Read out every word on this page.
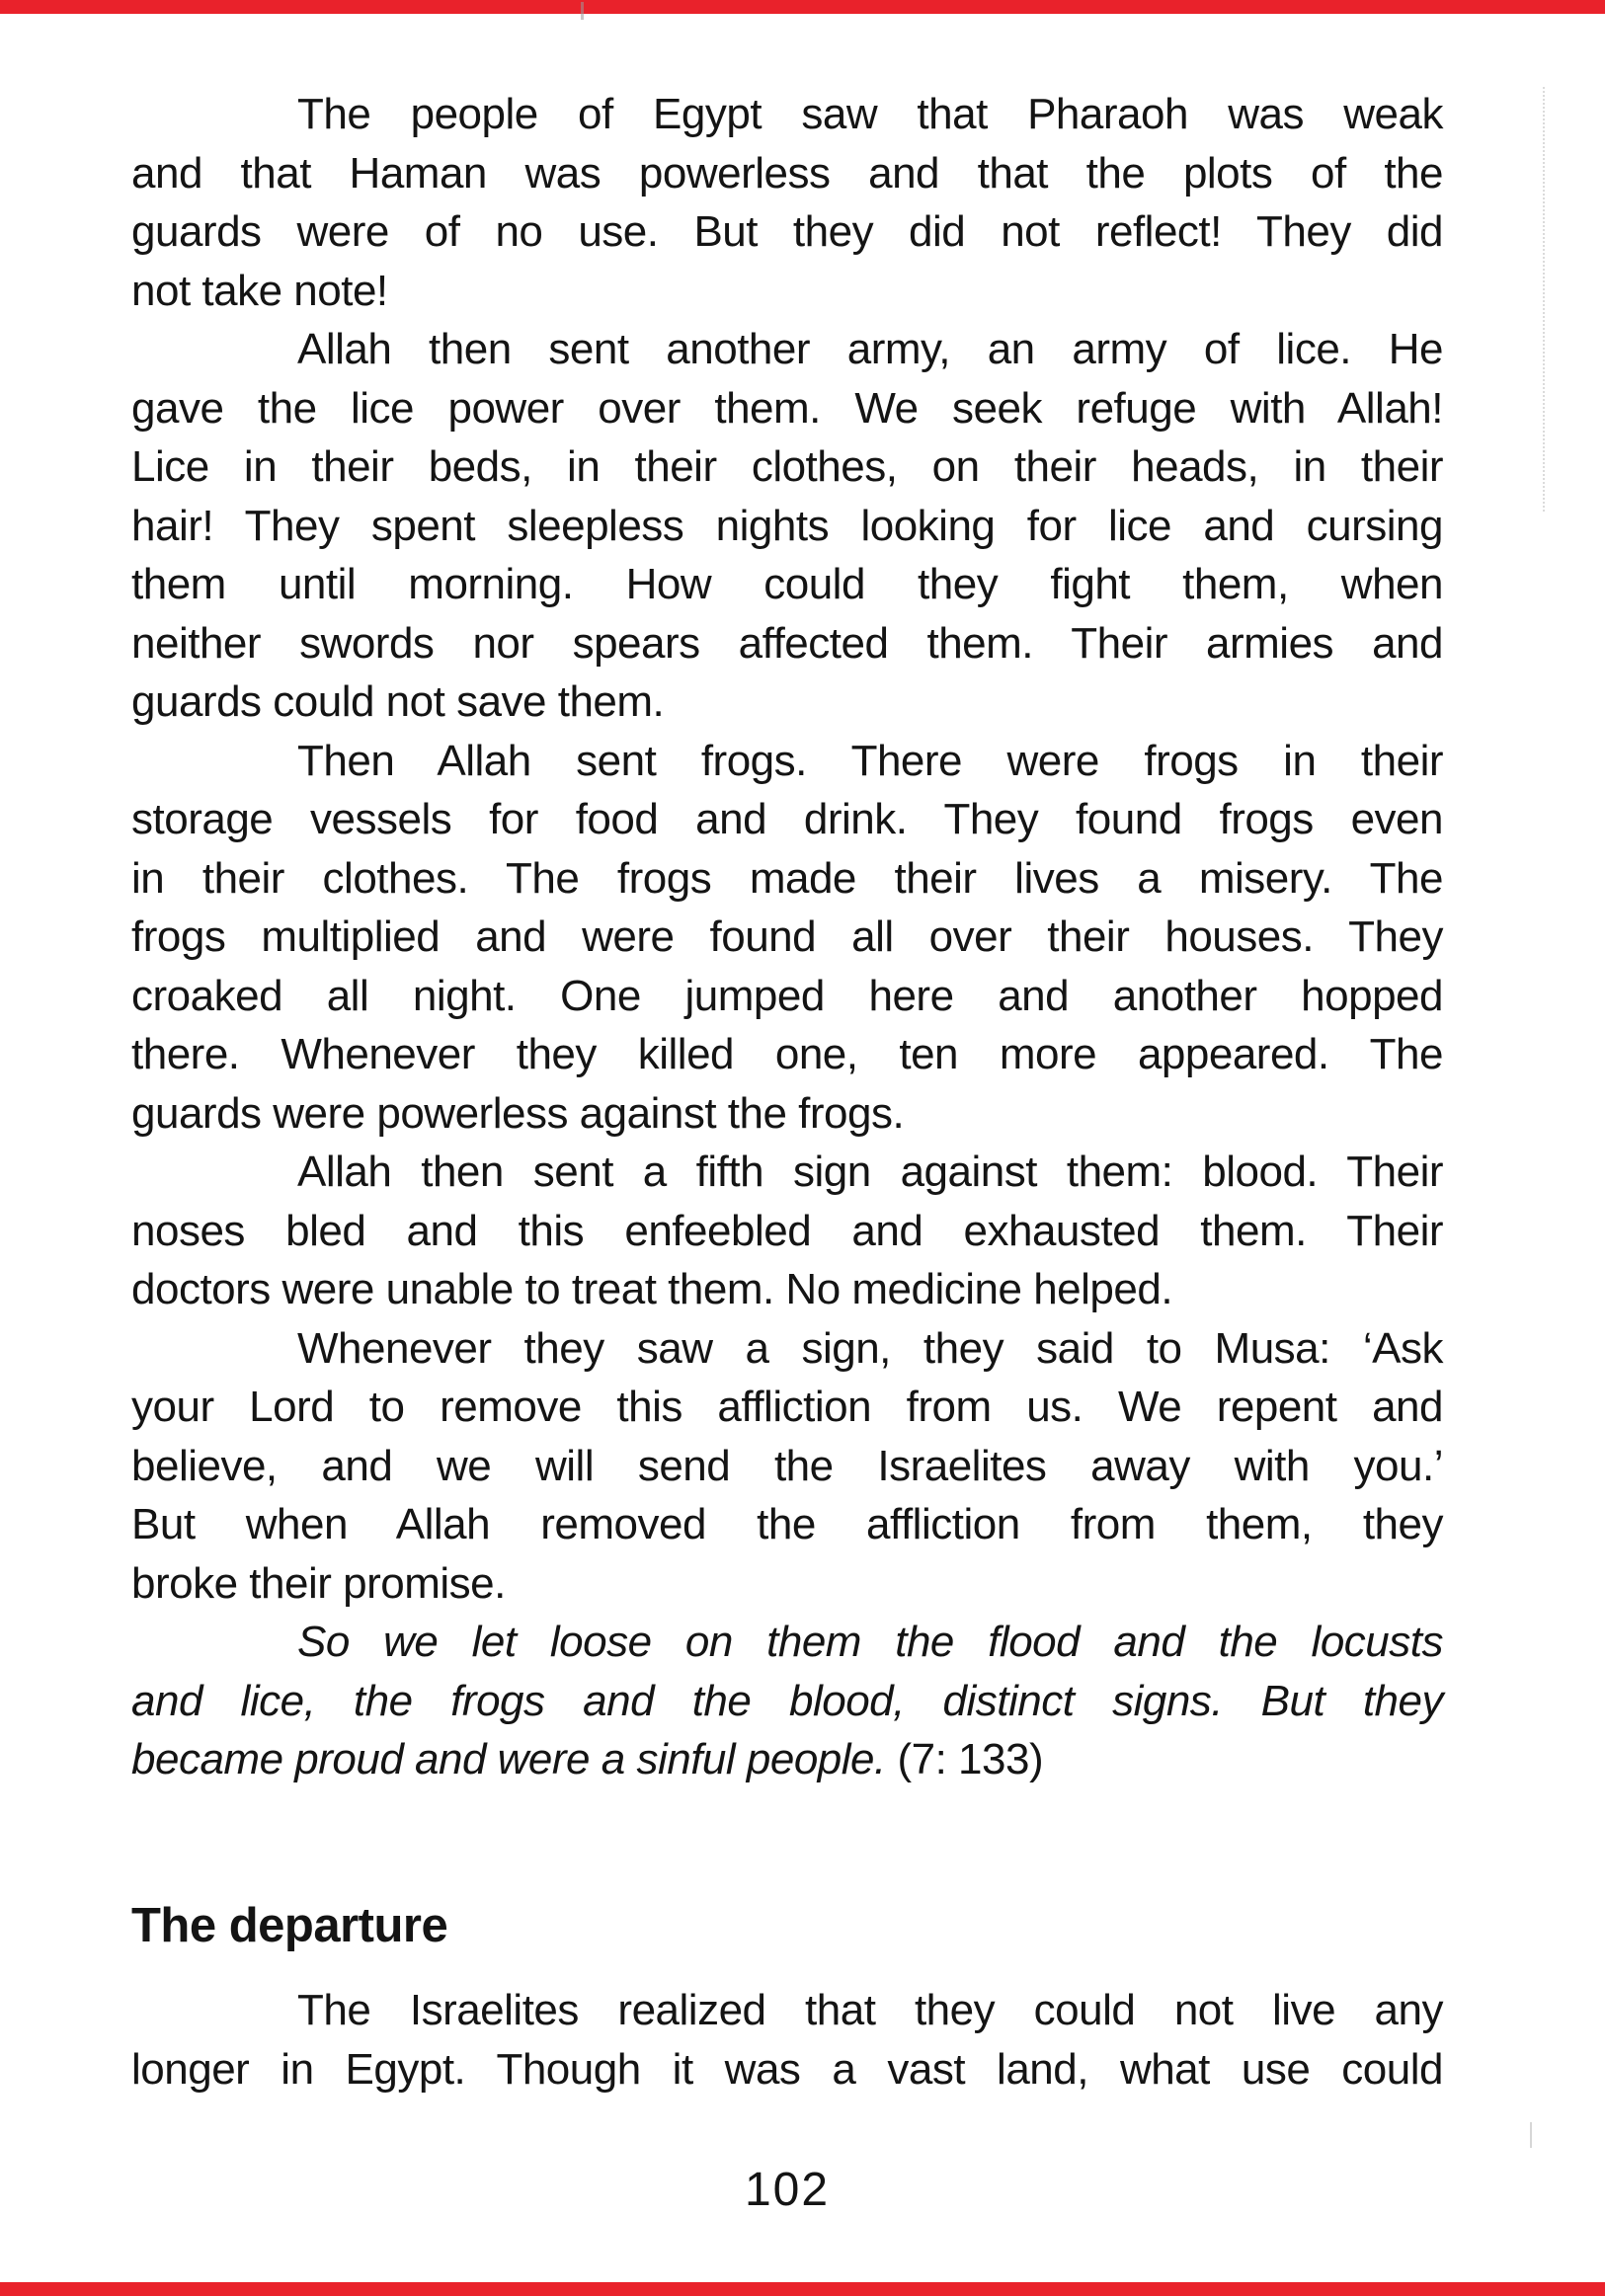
The people of Egypt saw that Pharaoh was weak
and that Haman was powerless and that the plots of the
guards were of no use. But they did not reflect! They did
not take note!
Allah then sent another army, an army of lice. He
gave the lice power over them. We seek refuge with Allah!
Lice in their beds, in their clothes, on their heads, in their
hair! They spent sleepless nights looking for lice and cursing
them until morning. How could they fight them, when
neither swords nor spears affected them. Their armies and
guards could not save them.
Then Allah sent frogs. There were frogs in their
storage vessels for food and drink. They found frogs even
in their clothes. The frogs made their lives a misery. The
frogs multiplied and were found all over their houses. They
croaked all night. One jumped here and another hopped
there. Whenever they killed one, ten more appeared. The
guards were powerless against the frogs.
Allah then sent a fifth sign against them: blood. Their
noses bled and this enfeebled and exhausted them. Their
doctors were unable to treat them. No medicine helped.
Whenever they saw a sign, they said to Musa: ‘Ask
your Lord to remove this affliction from us. We repent and
believe, and we will send the Israelites away with you.’
But when Allah removed the affliction from them, they
broke their promise.
So we let loose on them the flood and the locusts
and lice, the frogs and the blood, distinct signs. But they
became proud and were a sinful people. (7: 133)
The departure
The Israelites realized that they could not live any
longer in Egypt. Though it was a vast land, what use could
102
